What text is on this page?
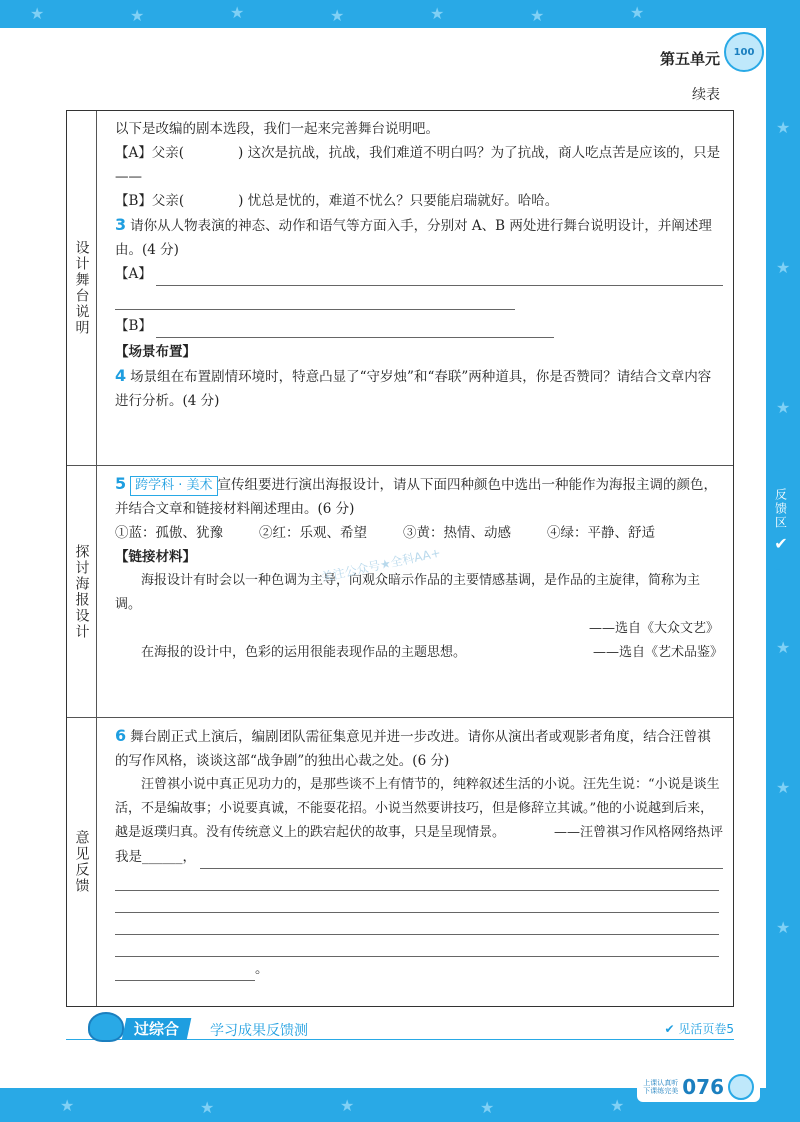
★	★	★	★	★	★	★
★
★
★
★
★
★
★	★	★	★	★
第五单元 100
续表
设计舞台说明

以下是改编的剧本选段，我们一起来完善舞台说明吧。

【A】父亲(　　　　) 这次是抗战，抗战，我们难道不明白吗？为了抗战，商人吃点苦是应该的，只是——

【B】父亲(　　　　) 忧总是忧的，难道不忧么？只要能启瑞就好。哈哈。

3 请你从人物表演的神态、动作和语气等方面入手，分别对 A、B 两处进行舞台说明设计，并阐述理由。(4 分)

【A】
【B】

【场景布置】

4 场景组在布置剧情环境时，特意凸显了“守岁烛”和“春联”两种道具，你是否赞同？请结合文章内容进行分析。(4 分)

探讨海报设计

5 跨学科 · 美术 宣传组要进行演出海报设计，请从下面四种颜色中选出一种能作为海报主调的颜色，并结合文章和链接材料阐述理由。(6 分)

①蓝：孤傲、犹豫	②红：乐观、希望	③黄：热情、动感	④绿：平静、舒适

【链接材料】

海报设计有时会以一种色调为主导，向观众暗示作品的主要情感基调，是作品的主旋律，简称为主调。

——选自《大众文艺》

——选自《艺术品鉴》
在海报的设计中，色彩的运用很能表现作品的主题思想。

意见反馈

6 舞台剧正式上演后，编剧团队需征集意见并进一步改进。请你从演出者或观影者角度，结合汪曾祺的写作风格，谈谈这部“战争剧”的独出心裁之处。(6 分)

汪曾祺小说中真正见功力的，是那些谈不上有情节的，纯粹叙述生活的小说。汪先生说：“小说是谈生活，不是编故事；小说要真诚，不能耍花招。小说当然要讲技巧，但是修辞立其诚。”他的小说越到后来，越是返璞归真。没有传统意义上的跌宕起伏的故事，只是呈现情景。　	——汪曾祺习作风格网络热评

我是______，
。
关注公众号★全科AA+
反馈区
✔
过综合	学习成果反馈测	✔ 见活页卷5
上课认真听
下课练完美 076
